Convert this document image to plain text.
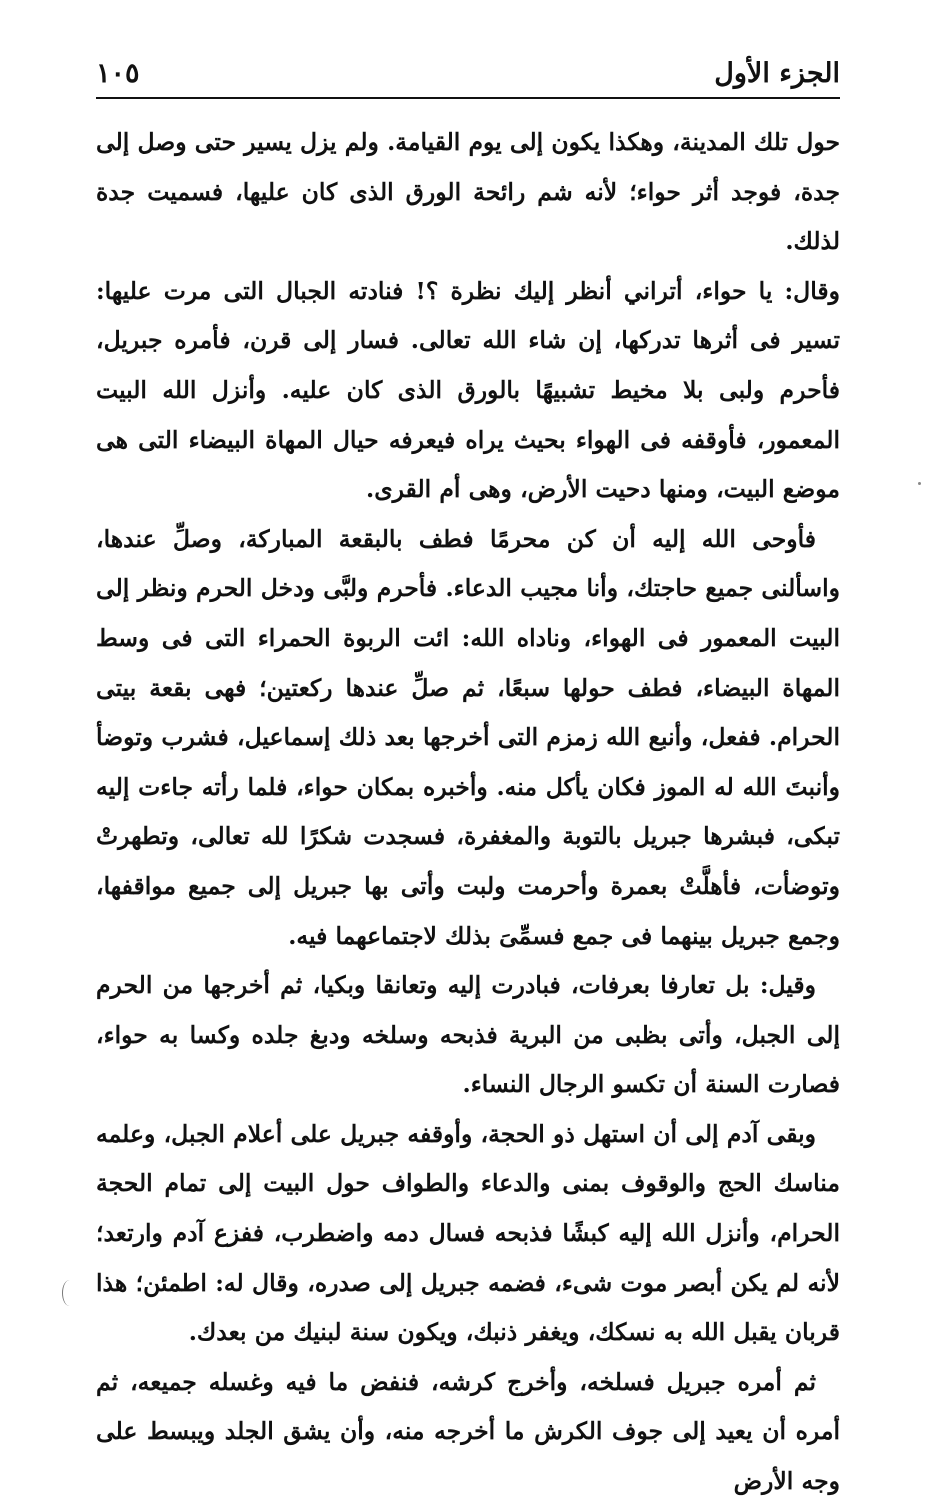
الجزء الأول
١٠٥

حول تلك المدينة، وهكذا يكون إلى يوم القيامة. ولم يزل يسير حتى وصل إلى جدة، فوجد أثر حواء؛ لأنه شم رائحة الورق الذى كان عليها، فسميت جدة لذلك.

وقال: يا حواء، أتراني أنظر إليك نظرة ؟! فنادته الجبال التى مرت عليها: تسير فى أثرها تدركها، إن شاء الله تعالى. فسار إلى قرن، فأمره جبريل، فأحرم ولبى بلا مخيط تشبيهًا بالورق الذى كان عليه. وأنزل الله البيت المعمور، فأوقفه فى الهواء بحيث يراه فيعرفه حيال المهاة البيضاء التى هى موضع البيت، ومنها دحيت الأرض، وهى أم القرى.

فأوحى الله إليه أن كن محرمًا فطف بالبقعة المباركة، وصلِّ عندها، واسألنى جميع حاجتك، وأنا مجيب الدعاء. فأحرم ولبَّى ودخل الحرم ونظر إلى البيت المعمور فى الهواء، وناداه الله: ائت الربوة الحمراء التى فى وسط المهاة البيضاء، فطف حولها سبعًا، ثم صلِّ عندها ركعتين؛ فهى بقعة بيتى الحرام. ففعل، وأنبع الله زمزم التى أخرجها بعد ذلك إسماعيل، فشرب وتوضأ وأنبتَ الله له الموز فكان يأكل منه. وأخبره بمكان حواء، فلما رأته جاءت إليه تبكى، فبشرها جبريل بالتوبة والمغفرة، فسجدت شكرًا لله تعالى، وتطهرتْ وتوضأت، فأهلَّتْ بعمرة وأحرمت ولبت وأتى بها جبريل إلى جميع مواقفها، وجمع جبريل بينهما فى جمع فسمِّىَ بذلك لاجتماعهما فيه.

وقيل: بل تعارفا بعرفات، فبادرت إليه وتعانقا وبكيا، ثم أخرجها من الحرم إلى الجبل، وأتى بظبى من البرية فذبحه وسلخه ودبغ جلده وكسا به حواء، فصارت السنة أن تكسو الرجال النساء.

وبقى آدم إلى أن استهل ذو الحجة، وأوقفه جبريل على أعلام الجبل، وعلمه مناسك الحج والوقوف بمنى والدعاء والطواف حول البيت إلى تمام الحجة الحرام، وأنزل الله إليه كبشًا فذبحه فسال دمه واضطرب، ففزع آدم وارتعد؛ لأنه لم يكن أبصر موت شىء، فضمه جبريل إلى صدره، وقال له: اطمئن؛ هذا قربان يقبل الله به نسكك، ويغفر ذنبك، ويكون سنة لبنيك من بعدك.

ثم أمره جبريل فسلخه، وأخرج كرشه، فنفض ما فيه وغسله جميعه، ثم أمره أن يعيد إلى جوف الكرش ما أخرجه منه، وأن يشق الجلد ويبسط على وجه الأرض
